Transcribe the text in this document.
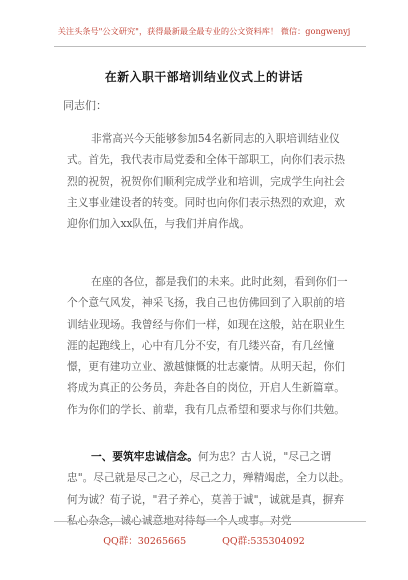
关注头条号"公文研究"，获得最新最全最专业的公文资料库！ 微信：gongwenyj
在新入职干部培训结业仪式上的讲话
同志们：

非常高兴今天能够参加54名新同志的入职培训结业仪式。首先，我代表市局党委和全体干部职工，向你们表示热烈的祝贺，祝贺你们顺利完成学业和培训，完成学生向社会主义事业建设者的转变。同时也向你们表示热烈的欢迎，欢迎你们加入xx队伍，与我们并肩作战。

在座的各位，都是我们的未来。此时此刻，看到你们一个个意气风发，神采飞扬，我自己也仿佛回到了入职前的培训结业现场。我曾经与你们一样，如现在这般，站在职业生涯的起跑线上，心中有几分不安，有几缕兴奋，有几丝憧憬，更有建功立业、激越慷慨的壮志豪情。从明天起，你们将成为真正的公务员，奔赴各自的岗位，开启人生新篇章。作为你们的学长、前辈，我有几点希望和要求与你们共勉。

一、要筑牢忠诚信念。何为忠？古人说，"尽己之谓忠"。尽己就是尽己之心，尽己之力，殚精竭虑，全力以赴。何为诚？荀子说，"君子养心，莫善于诚"，诚就是真，摒弃私心杂念，诚心诚意地对待每一个人或事。对党

QQ群：30265665	QQ群:535304092
